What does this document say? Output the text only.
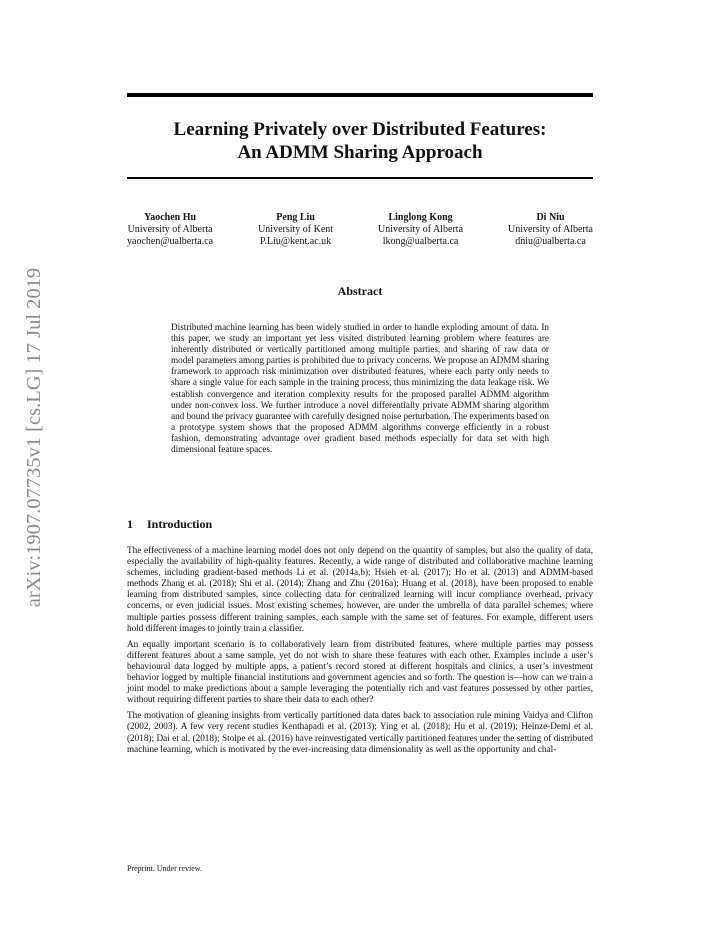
arXiv:1907.07735v1 [cs.LG] 17 Jul 2019
Learning Privately over Distributed Features:
An ADMM Sharing Approach
Yaochen Hu
University of Alberta
yaochen@ualberta.ca
Peng Liu
University of Kent
P.Liu@kent.ac.uk
Linglong Kong
University of Alberta
lkong@ualberta.ca
Di Niu
University of Alberta
dniu@ualberta.ca
Abstract
Distributed machine learning has been widely studied in order to handle exploding amount of data. In this paper, we study an important yet less visited distributed learning problem where features are inherently distributed or vertically partitioned among multiple parties, and sharing of raw data or model parameters among parties is prohibited due to privacy concerns. We propose an ADMM sharing framework to approach risk minimization over distributed features, where each party only needs to share a single value for each sample in the training process, thus minimizing the data leakage risk. We establish convergence and iteration complexity results for the proposed parallel ADMM algorithm under non-convex loss. We further introduce a novel differentially private ADMM sharing algorithm and bound the privacy guarantee with carefully designed noise perturbation. The experiments based on a prototype system shows that the proposed ADMM algorithms converge efficiently in a robust fashion, demonstrating advantage over gradient based methods especially for data set with high dimensional feature spaces.
1 Introduction

The effectiveness of a machine learning model does not only depend on the quantity of samples, but also the quality of data, especially the availability of high-quality features. Recently, a wide range of distributed and collaborative machine learning schemes, including gradient-based methods Li et al. (2014a,b); Hsieh et al. (2017); Ho et al. (2013) and ADMM-based methods Zhang et al. (2018); Shi et al. (2014); Zhang and Zhu (2016a); Huang et al. (2018), have been proposed to enable learning from distributed samples, since collecting data for centralized learning will incur compliance overhead, privacy concerns, or even judicial issues. Most existing schemes, however, are under the umbrella of data parallel schemes, where multiple parties possess different training samples, each sample with the same set of features. For example, different users hold different images to jointly train a classifier.

An equally important scenario is to collaboratively learn from distributed features, where multiple parties may possess different features about a same sample, yet do not wish to share these features with each other. Examples include a user’s behavioural data logged by multiple apps, a patient’s record stored at different hospitals and clinics, a user’s investment behavior logged by multiple financial institutions and government agencies and so forth. The question is—how can we train a joint model to make predictions about a sample leveraging the potentially rich and vast features possessed by other parties, without requiring different parties to share their data to each other?

The motivation of gleaning insights from vertically partitioned data dates back to association rule mining Vaidya and Clifton (2002, 2003). A few very recent studies Kenthapadi et al. (2013); Ying et al. (2018); Hu et al. (2019); Heinze-Deml et al. (2018); Dai et al. (2018); Stolpe et al. (2016) have reinvestigated vertically partitioned features under the setting of distributed machine learning, which is motivated by the ever-increasing data dimensionality as well as the opportunity and chal-

Preprint. Under review.
